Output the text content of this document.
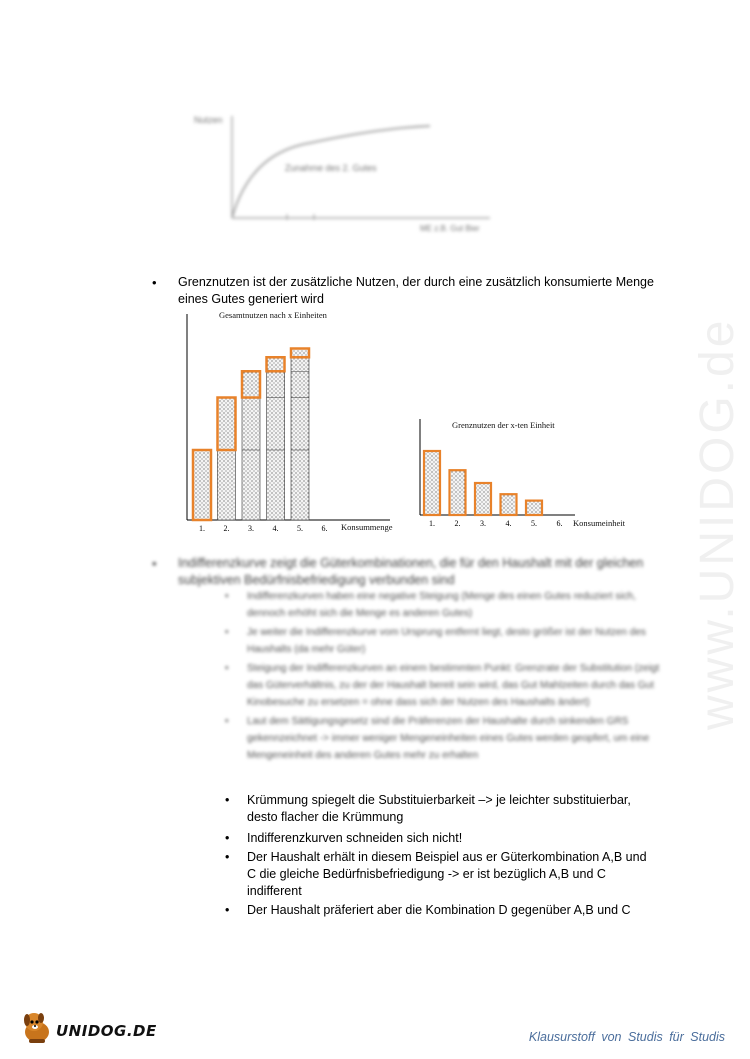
www.UNIDOG.de
Nutzen
Zunahme des 2. Gutes
ME z.B. Gut Bier
• Grenznutzen ist der zusätzliche Nutzen, der durch eine zusätzlich konsumierte Menge
eines Gutes generiert wird
1. 2. 3. 4. 5. 6.
Gesamtnutzen nach x Einheiten
Konsummenge	1. 2. 3. 4. 5. 6.
Grenznutzen der x-ten Einheit
Konsumeinheit
• Indifferenzkurve zeigt die Güterkombinationen, die für den Haushalt mit der gleichen
subjektiven Bedürfnisbefriedigung verbunden sind
• Indifferenzkurven haben eine negative Steigung (Menge des einen Gutes reduziert sich, dennoch erhöht sich die Menge es anderen Gutes)
• Je weiter die Indifferenzkurve vom Ursprung entfernt liegt, desto größer ist der Nutzen des Haushalts (da mehr Güter)
• Steigung der Indifferenzkurven an einem bestimmten Punkt: Grenzrate der Substitution (zeigt das Güterverhältnis, zu der der Haushalt bereit sein wird, das Gut Mahlzeiten durch das Gut Kinobesuche zu ersetzen = ohne dass sich der Nutzen des Haushalts ändert)
• Laut dem Sättigungsgesetz sind die Präferenzen der Haushalte durch sinkenden GRS gekennzeichnet -> immer weniger Mengeneinheiten eines Gutes werden geopfert, um eine Mengeneinheit des anderen Gutes mehr zu erhalten
• Krümmung spiegelt die Substituierbarkeit –> je leichter substituierbar,
desto flacher die Krümmung
• Indifferenzkurven schneiden sich nicht!
• Der Haushalt erhält in diesem Beispiel aus er Güterkombination A,B und
C die gleiche Bedürfnisbefriedigung -> er ist bezüglich A,B und C
indifferent
• Der Haushalt präferiert aber die Kombination D gegenüber A,B und C
UNIDOG.DE	Klausurstoff von Studis für Studis
